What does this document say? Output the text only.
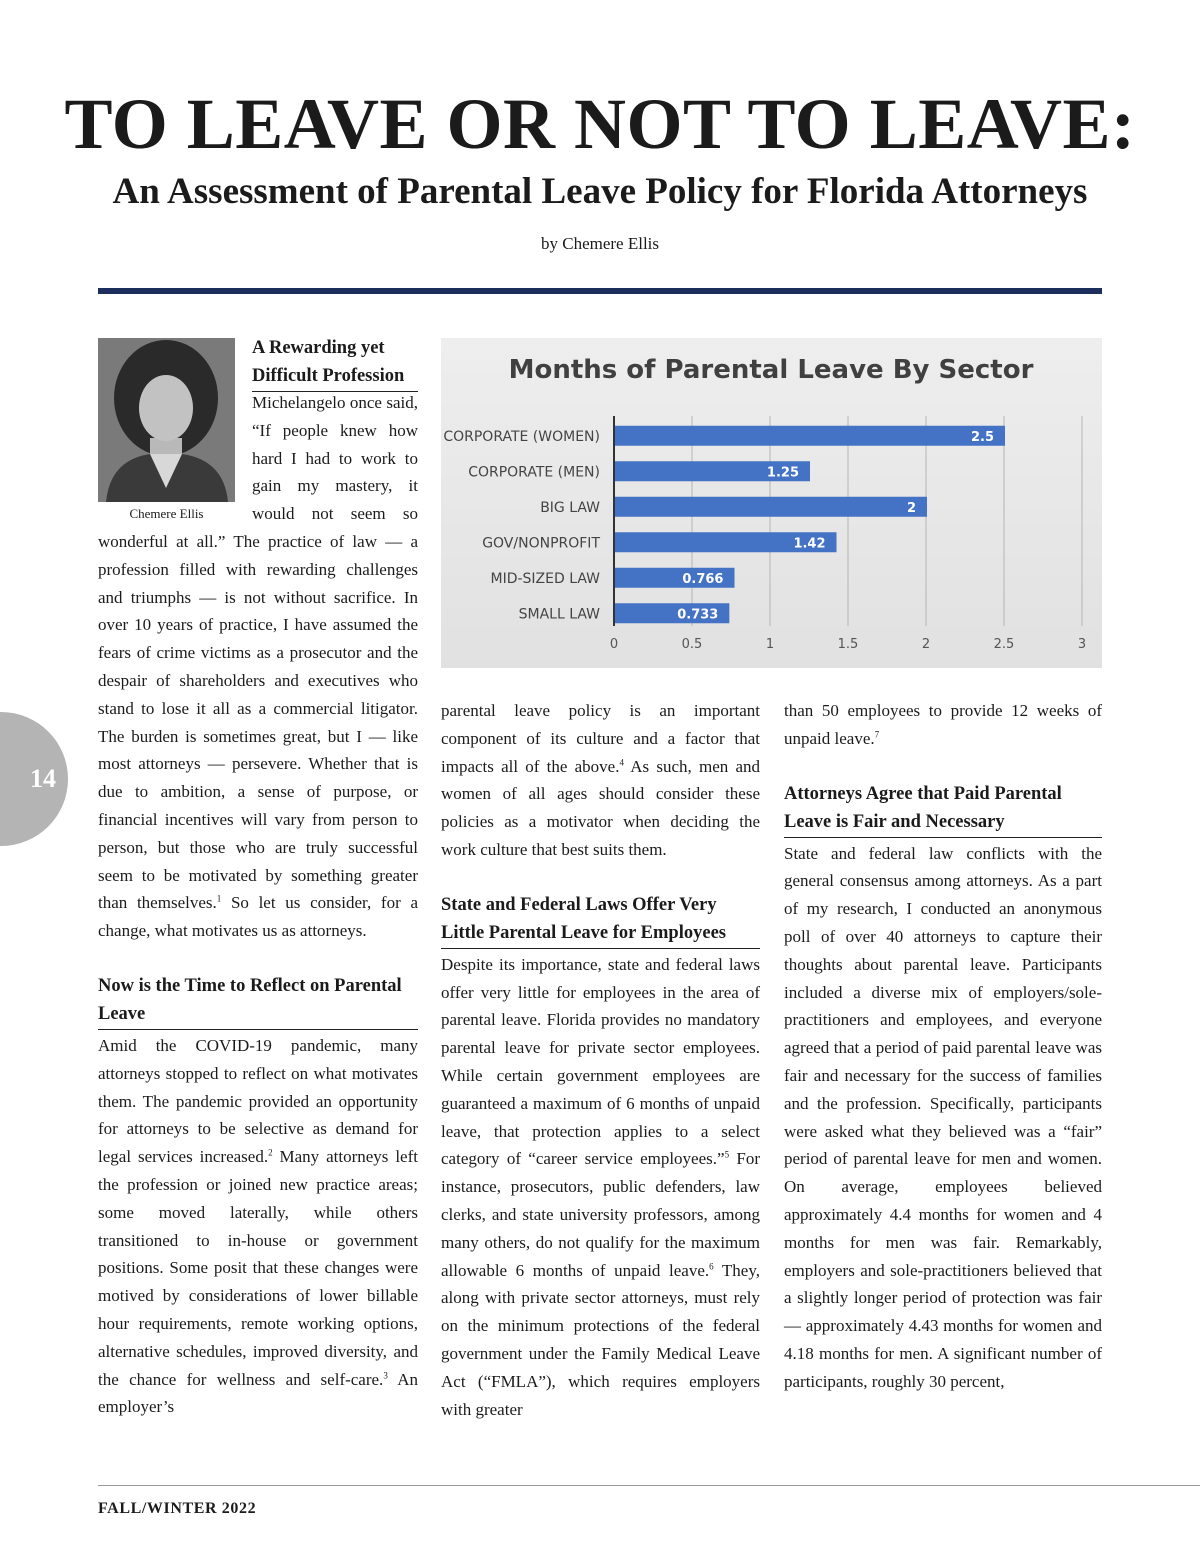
TO LEAVE OR NOT TO LEAVE:
An Assessment of Parental Leave Policy for Florida Attorneys
by Chemere Ellis
Chemere Ellis
A Rewarding yet Difficult Profession

Michelangelo once said, “If people knew how hard I had to work to gain my mastery, it would not seem so wonderful at all.” The practice of law — a profession filled with rewarding challenges and triumphs — is not without sacrifice. In over 10 years of practice, I have assumed the fears of crime victims as a prosecutor and the despair of shareholders and executives who stand to lose it all as a commercial litigator. The burden is sometimes great, but I — like most attorneys — persevere. Whether that is due to ambition, a sense of purpose, or financial incentives will vary from person to person, but those who are truly successful seem to be motivated by something greater than themselves.$^1$ So let us consider, for a change, what motivates us as attorneys.

Now is the Time to Reflect on Parental Leave

Amid the COVID-19 pandemic, many attorneys stopped to reflect on what motivates them. The pandemic provided an opportunity for attorneys to be selective as demand for legal services increased.$^2$ Many attorneys left the profession or joined new practice areas; some moved laterally, while others transitioned to in-house or government positions. Some posit that these changes were motived by considerations of lower billable hour requirements, remote working options, alternative schedules, improved diversity, and the chance for wellness and self-care.$^3$ An employer’s

Months of Parental Leave By Sector
0	0.5	1	1.5	2	2.5	3
CORPORATE (WOMEN)	2.5
CORPORATE (MEN)	1.25
BIG LAW	2
GOV/NONPROFIT	1.42
MID-SIZED LAW	0.766
SMALL LAW	0.733

parental leave policy is an important component of its culture and a factor that impacts all of the above.$^4$ As such, men and women of all ages should consider these policies as a motivator when deciding the work culture that best suits them.

State and Federal Laws Offer Very Little Parental Leave for Employees

Despite its importance, state and federal laws offer very little for employees in the area of parental leave. Florida provides no mandatory parental leave for private sector employees. While certain government employees are guaranteed a maximum of 6 months of unpaid leave, that protection applies to a select category of “career service employees.”$^5$ For instance, prosecutors, public defenders, law clerks, and state university professors, among many others, do not qualify for the maximum allowable 6 months of unpaid leave.$^6$ They, along with private sector attorneys, must rely on the minimum protections of the federal government under the Family Medical Leave Act (“FMLA”), which requires employers with greater

than 50 employees to provide 12 weeks of unpaid leave.$^7$

Attorneys Agree that Paid Parental Leave is Fair and Necessary

State and federal law conflicts with the general consensus among attorneys. As a part of my research, I conducted an anonymous poll of over 40 attorneys to capture their thoughts about parental leave. Participants included a diverse mix of employers/sole-practitioners and employees, and everyone agreed that a period of paid parental leave was fair and necessary for the success of families and the profession. Specifically, participants were asked what they believed was a “fair” period of parental leave for men and women. On average, employees believed approximately 4.4 months for women and 4 months for men was fair. Remarkably, employers and sole-practitioners believed that a slightly longer period of protection was fair — approximately 4.43 months for women and 4.18 months for men. A significant number of participants, roughly 30 percent,

14
FALL/WINTER 2022
